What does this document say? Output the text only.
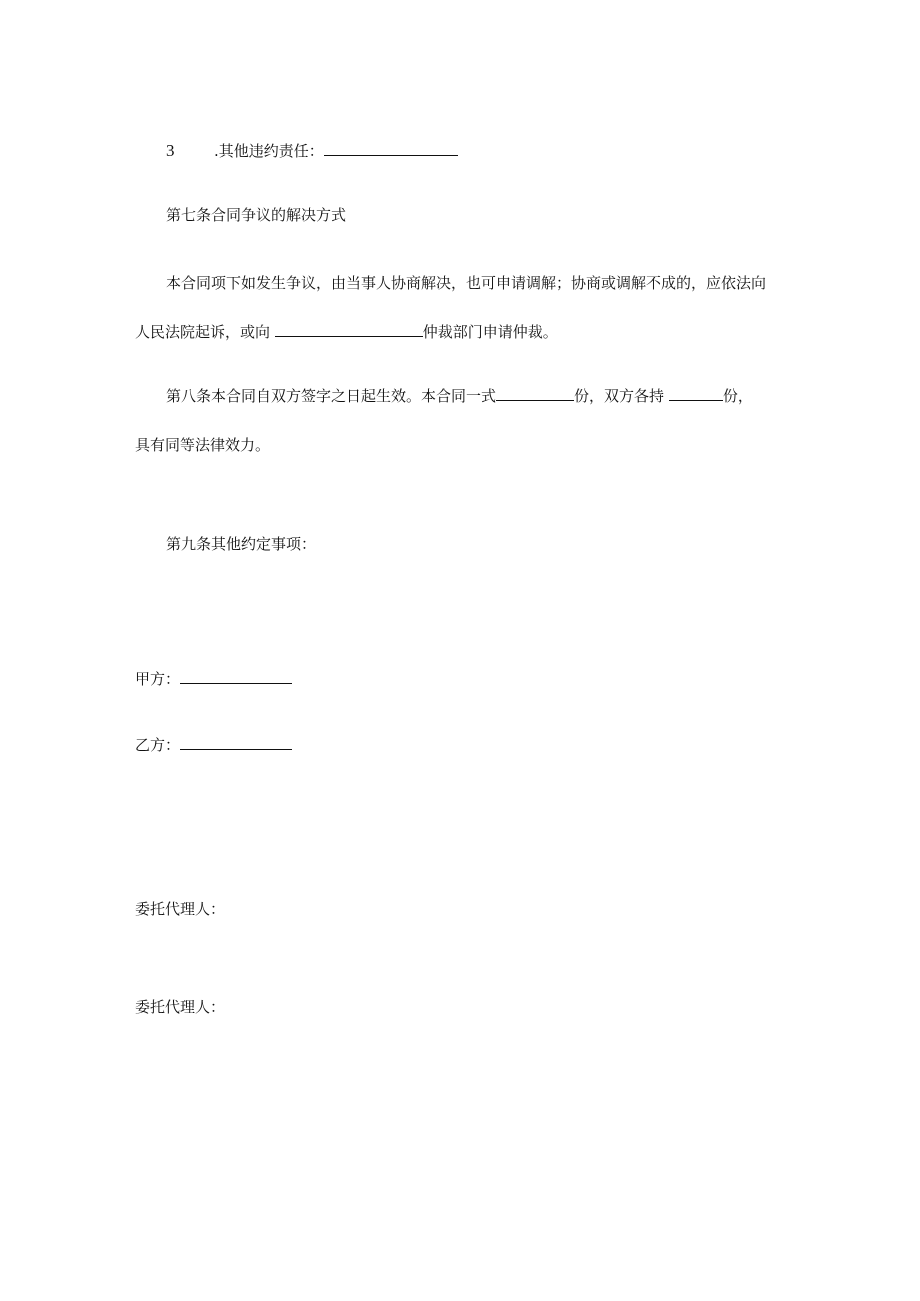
3	.其他违约责任：
第七条合同争议的解决方式
本合同项下如发生争议，由当事人协商解决，也可申请调解；协商或调解不成的，应依法向
人民法院起诉，或向	仲裁部门申请仲裁。
第八条本合同自双方签字之日起生效。本合同一式	份，双方各持	份，
具有同等法律效力。
第九条其他约定事项：
甲方：
乙方：
委托代理人：
委托代理人：
